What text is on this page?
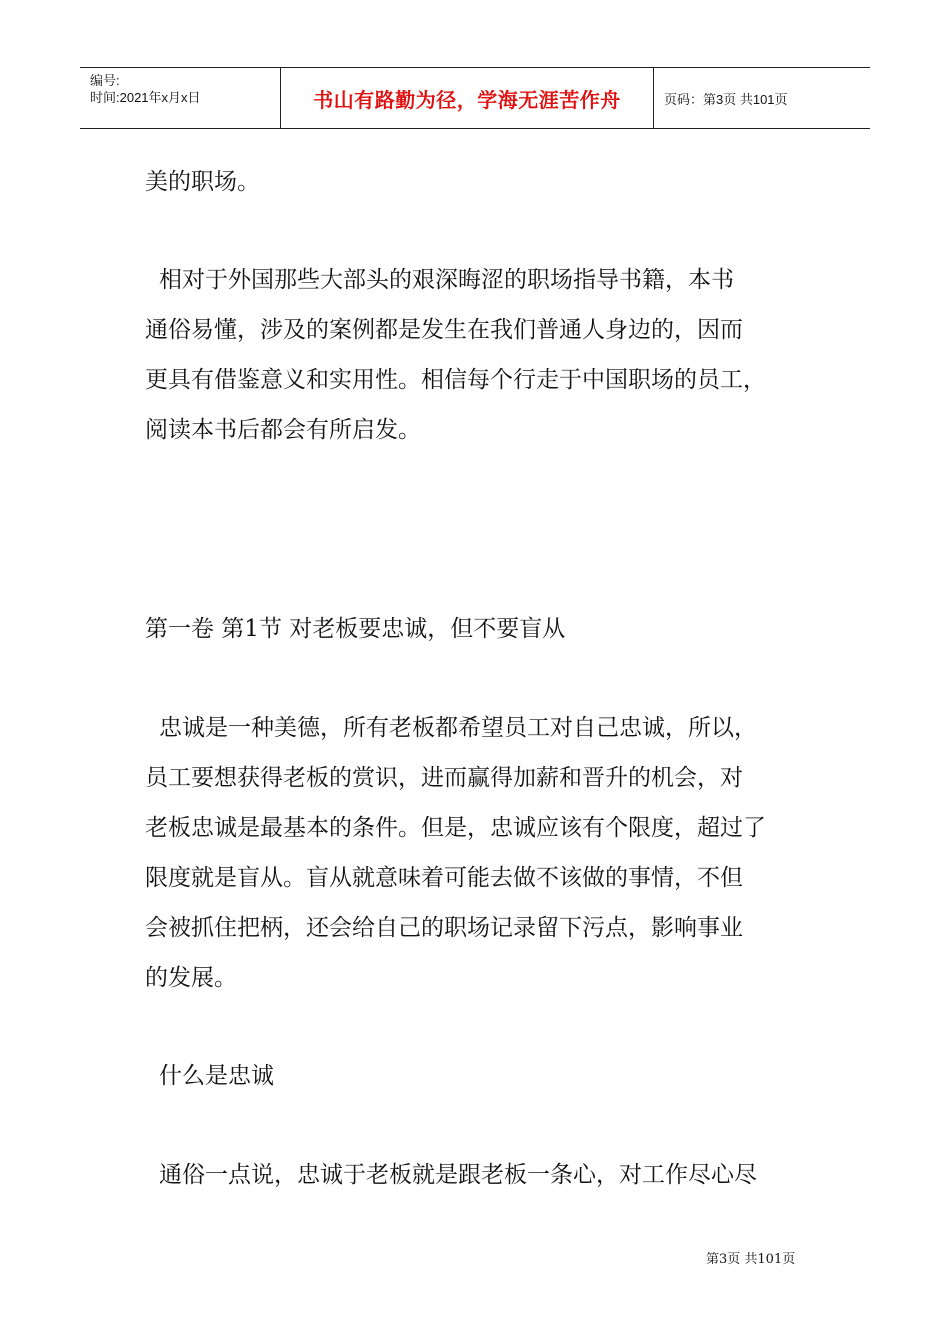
编号:
时间:2021年x月x日	书山有路勤为径，学海无涯苦作舟	页码：第3页 共101页

美的职场。

相对于外国那些大部头的艰深晦涩的职场指导书籍，本书

通俗易懂，涉及的案例都是发生在我们普通人身边的，因而

更具有借鉴意义和实用性。相信每个行走于中国职场的员工，

阅读本书后都会有所启发。

第一卷 第1节 对老板要忠诚，但不要盲从

忠诚是一种美德，所有老板都希望员工对自己忠诚，所以，

员工要想获得老板的赏识，进而赢得加薪和晋升的机会，对

老板忠诚是最基本的条件。但是，忠诚应该有个限度，超过了

限度就是盲从。盲从就意味着可能去做不该做的事情，不但

会被抓住把柄，还会给自己的职场记录留下污点，影响事业

的发展。

什么是忠诚

通俗一点说，忠诚于老板就是跟老板一条心，对工作尽心尽

第3页 共101页
